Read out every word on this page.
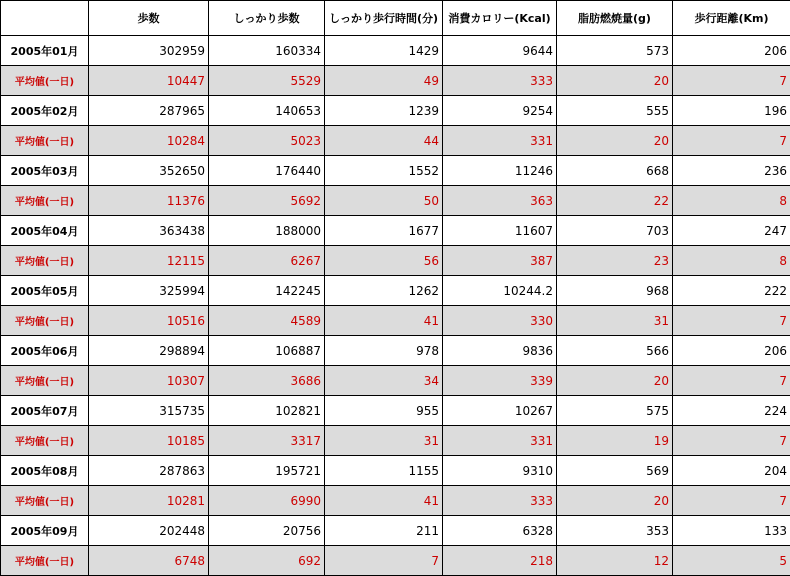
	歩数	しっかり歩数	しっかり歩行時間(分)	消費カロリー(Kcal)	脂肪燃焼量(g)	歩行距離(Km)
2005年01月	302959	160334	1429	9644	573	206
平均値(一日)	10447	5529	49	333	20	7
2005年02月	287965	140653	1239	9254	555	196
平均値(一日)	10284	5023	44	331	20	7
2005年03月	352650	176440	1552	11246	668	236
平均値(一日)	11376	5692	50	363	22	8
2005年04月	363438	188000	1677	11607	703	247
平均値(一日)	12115	6267	56	387	23	8
2005年05月	325994	142245	1262	10244.2	968	222
平均値(一日)	10516	4589	41	330	31	7
2005年06月	298894	106887	978	9836	566	206
平均値(一日)	10307	3686	34	339	20	7
2005年07月	315735	102821	955	10267	575	224
平均値(一日)	10185	3317	31	331	19	7
2005年08月	287863	195721	1155	9310	569	204
平均値(一日)	10281	6990	41	333	20	7
2005年09月	202448	20756	211	6328	353	133
平均値(一日)	6748	692	7	218	12	5
